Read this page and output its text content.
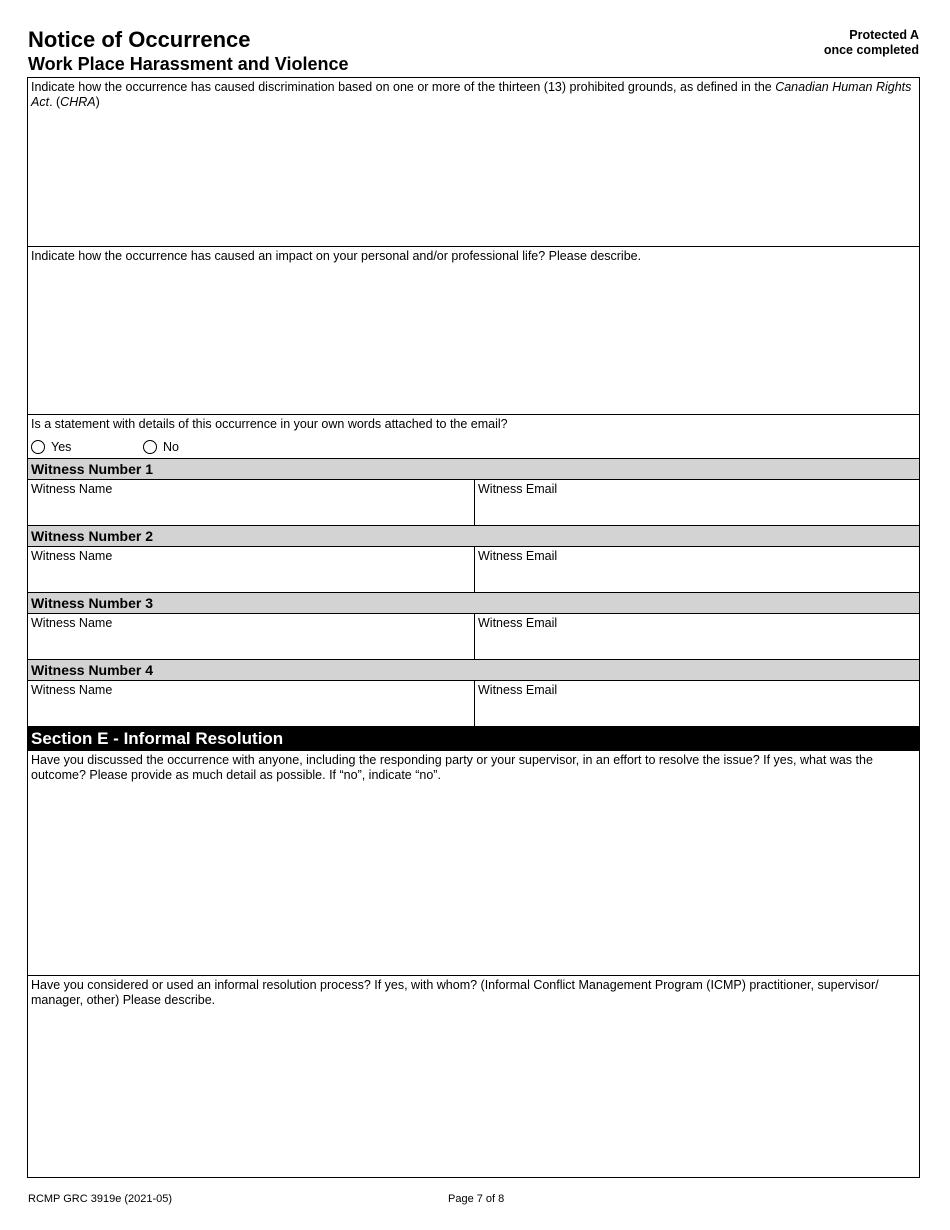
Notice of Occurrence
Work Place Harassment and Violence
Protected A
once completed
Indicate how the occurrence has caused discrimination based on one or more of the thirteen (13) prohibited grounds, as defined in the Canadian Human Rights Act. (CHRA)
Indicate how the occurrence has caused an impact on your personal and/or professional life? Please describe.
Is a statement with details of this occurrence in your own words attached to the email?
Yes	No
Witness Number 1
Witness Name	Witness Email
Witness Number 2
Witness Name	Witness Email
Witness Number 3
Witness Name	Witness Email
Witness Number 4
Witness Name	Witness Email
Section E - Informal Resolution
Have you discussed the occurrence with anyone, including the responding party or your supervisor, in an effort to resolve the issue? If yes, what was the outcome? Please provide as much detail as possible. If “no”, indicate “no”.
Have you considered or used an informal resolution process? If yes, with whom? (Informal Conflict Management Program (ICMP) practitioner, supervisor/ manager, other) Please describe.
RCMP GRC 3919e (2021-05)	Page 7 of 8
